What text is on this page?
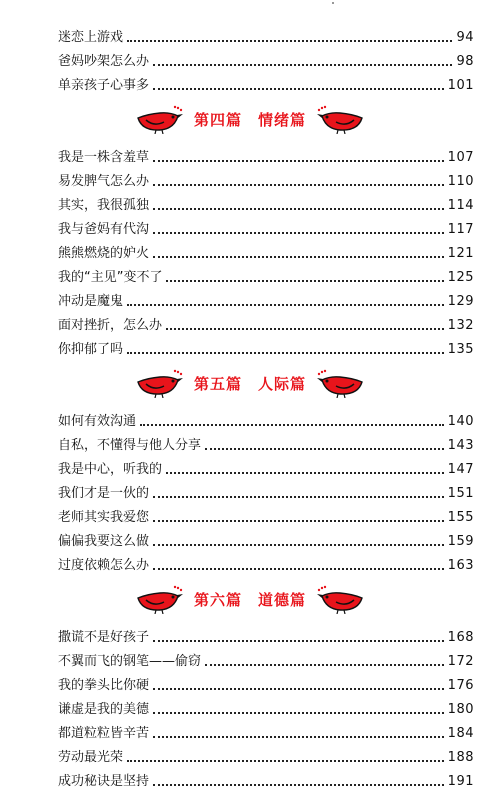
迷恋上游戏	94
爸妈吵架怎么办	98
单亲孩子心事多	101
第四篇　情绪篇
我是一株含羞草	107
易发脾气怎么办	110
其实，我很孤独	114
我与爸妈有代沟	117
熊熊燃烧的妒火	121
我的“主见”变不了	125
冲动是魔鬼	129
面对挫折，怎么办	132
你抑郁了吗	135
第五篇　人际篇
如何有效沟通	140
自私，不懂得与他人分享	143
我是中心，听我的	147
我们才是一伙的	151
老师其实我爱您	155
偏偏我要这么做	159
过度依赖怎么办	163
第六篇　道德篇
撒谎不是好孩子	168
不翼而飞的钢笔——偷窃	172
我的拳头比你硬	176
谦虚是我的美德	180
都道粒粒皆辛苦	184
劳动最光荣	188
成功秘诀是坚持	191
